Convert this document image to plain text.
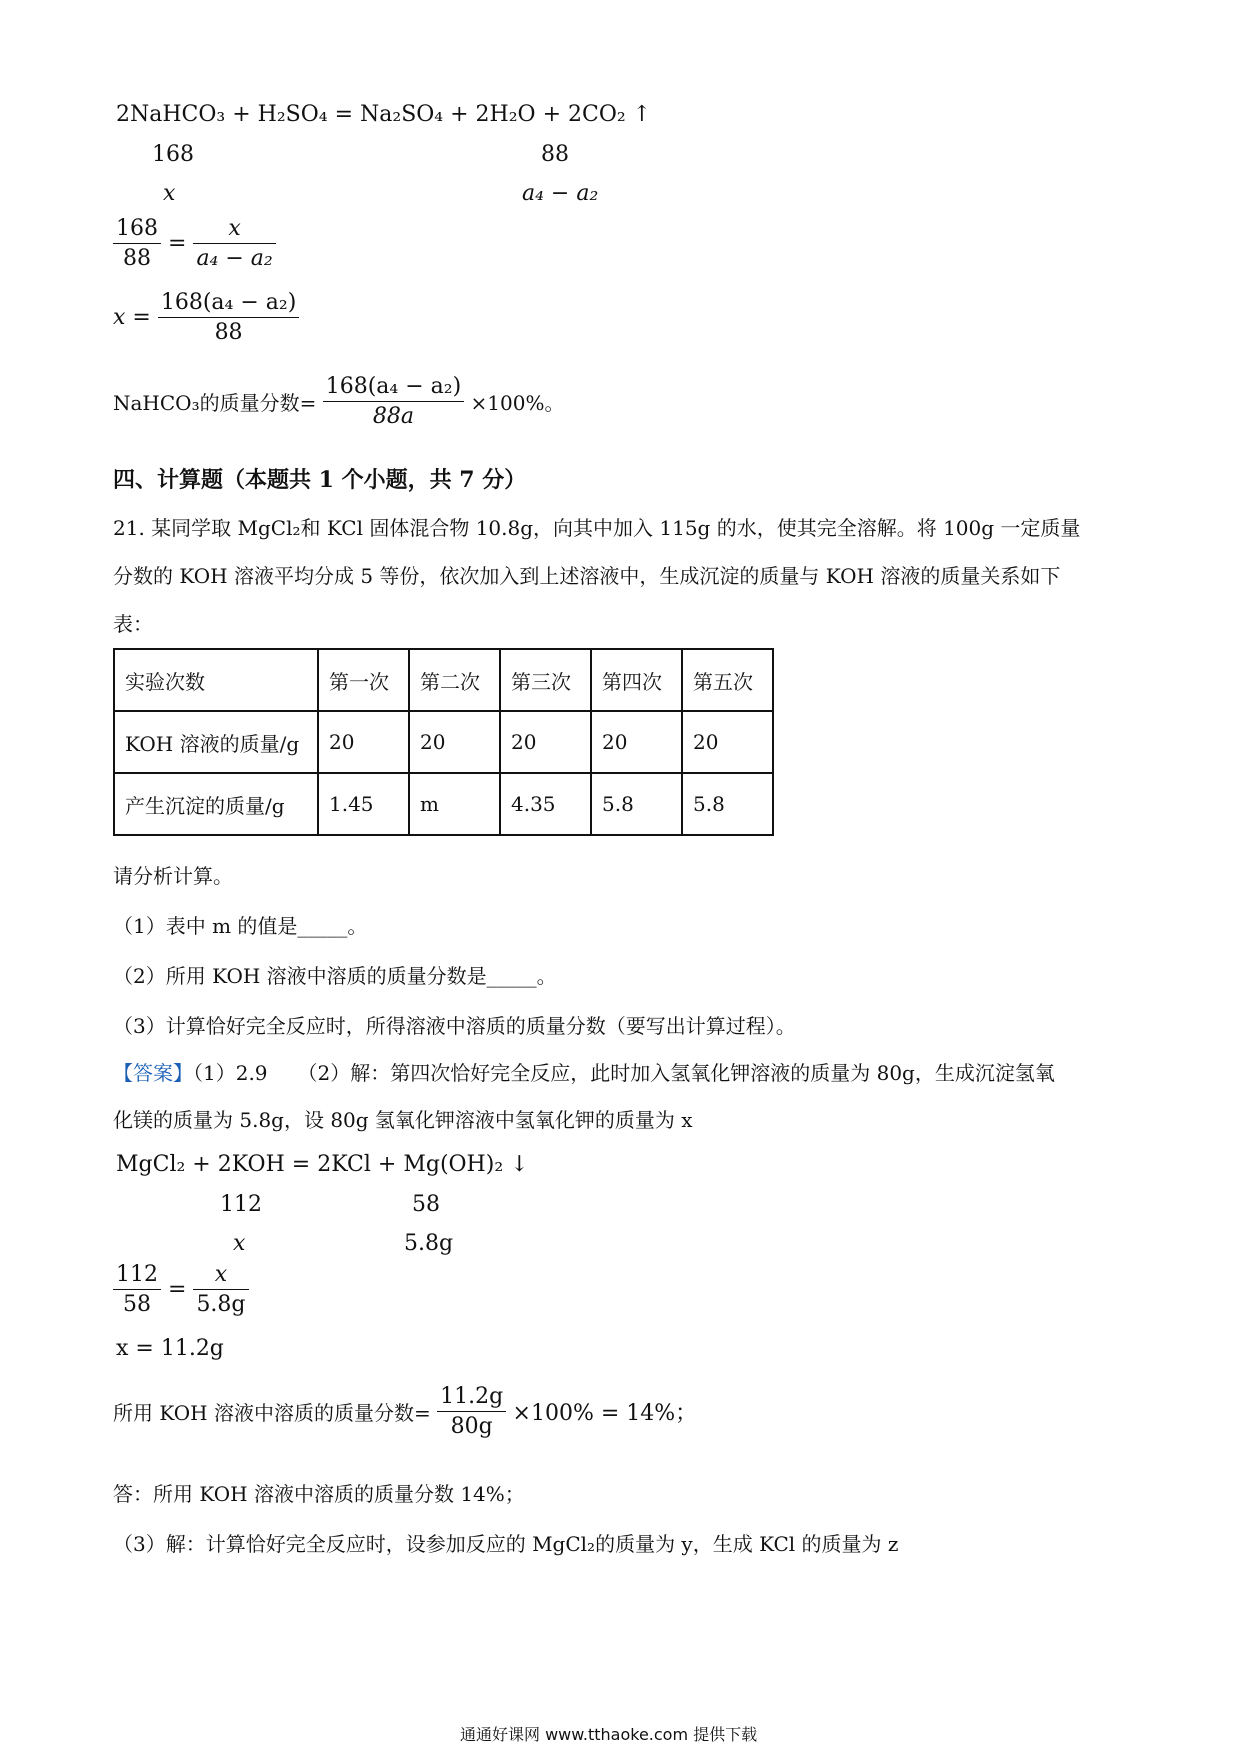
2NaHCO₃ + H₂SO₄ = Na₂SO₄ + 2H₂O + 2CO₂ ↑
168	88
x	a₄ − a₂
$\frac{168}{88} = \frac{x}{\text{a₄ − a₂}}$
$x = \frac{\text{168(a₄ − a₂)}}{88}$
NaHCO₃的质量分数= $\frac{\text{168(a₄ − a₂)}}{88a} \times 100\%$。
四、计算题（本题共 1 个小题，共 7 分）
21. 某同学取 MgCl₂和 KCl 固体混合物 10.8g，向其中加入 115g 的水，使其完全溶解。将 100g 一定质量
分数的 KOH 溶液平均分成 5 等份，依次加入到上述溶液中，生成沉淀的质量与 KOH 溶液的质量关系如下
表：
实验次数	第一次	第二次	第三次	第四次	第五次
KOH 溶液的质量/g	20	20	20	20	20
产生沉淀的质量/g	1.45	m	4.35	5.8	5.8
请分析计算。
（1）表中 m 的值是_____。
（2）所用 KOH 溶液中溶质的质量分数是_____。
（3）计算恰好完全反应时，所得溶液中溶质的质量分数（要写出计算过程）。
【答案】（1）2.9　　（2）解：第四次恰好完全反应，此时加入氢氧化钾溶液的质量为 80g，生成沉淀氢氧
化镁的质量为 5.8g，设 80g 氢氧化钾溶液中氢氧化钾的质量为 x
MgCl₂ + 2KOH = 2KCl + Mg(OH)₂ ↓
112	58
x	5.8g
$\frac{112}{58} = \frac{x}{5.8g}$
x = 11.2g
所用 KOH 溶液中溶质的质量分数= $\frac{11.2g}{80g} \times 100\% = 14\%$；
答：所用 KOH 溶液中溶质的质量分数 14%；
（3）解：计算恰好完全反应时，设参加反应的 MgCl₂的质量为 y，生成 KCl 的质量为 z
通通好课网 www.tthaoke.com 提供下载
